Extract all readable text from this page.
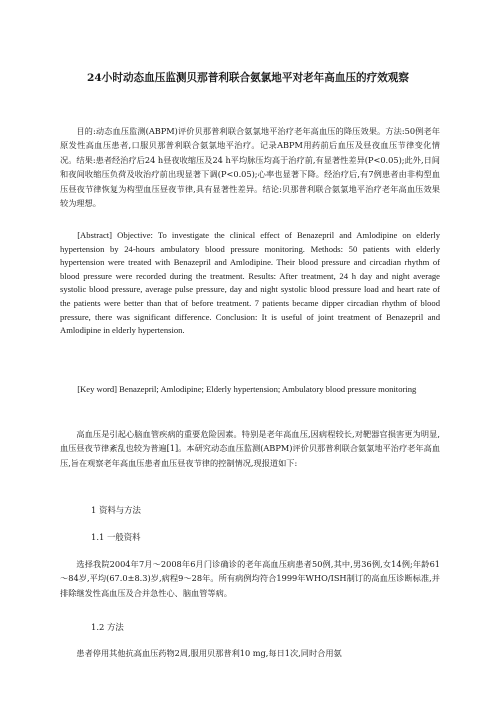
24小时动态血压监测贝那普利联合氨氯地平对老年高血压的疗效观察

目的:动态血压监测(ABPM)评价贝那普利联合氨氯地平治疗老年高血压的降压效果。方法:50例老年原发性高血压患者,口服贝那普利联合氨氯地平治疗。记录ABPM用药前后血压及昼夜血压节律变化情况。结果:患者经治疗后24 h昼夜收缩压及24 h平均脉压均高于治疗前,有显著性差异(P<0.05);此外,日间和夜间收缩压负荷及收治疗前出现显著下调(P<0.05);心率也显著下降。经治疗后,有7例患者由非构型血压昼夜节律恢复为构型血压昼夜节律,具有显著性差异。结论:贝那普利联合氨氯地平治疗老年高血压效果较为理想。

[Abstract] Objective: To investigate the clinical effect of Benazepril and Amlodipine on elderly hypertension by 24-hours ambulatory blood pressure monitoring. Methods: 50 patients with elderly hypertension were treated with Benazepril and Amlodipine. Their blood pressure and circadian rhythm of blood pressure were recorded during the treatment. Results: After treatment, 24 h day and night average systolic blood pressure, average pulse pressure, day and night systolic blood pressure load and heart rate of the patients were better than that of before treatment. 7 patients became dipper circadian rhythm of blood pressure, there was significant difference. Conclusion: It is useful of joint treatment of Benazepril and Amlodipine in elderly hypertension.

[Key word] Benazepril; Amlodipine; Elderly hypertension; Ambulatory blood pressure monitoring

高血压是引起心脑血管疾病的重要危险因素。特别是老年高血压,因病程较长,对靶器官损害更为明显,血压昼夜节律紊乱也较为普遍[1]。本研究动态血压监测(ABPM)评价贝那普利联合氨氯地平治疗老年高血压,旨在观察老年高血压患者血压昼夜节律的控制情况,现报道如下:

1 资料与方法

1.1 一般资料

选择我院2004年7月～2008年6月门诊确诊的老年高血压病患者50例,其中,男36例,女14例;年龄61～84岁,平均(67.0±8.3)岁,病程9～28年。所有病例均符合1999年WHO/ISH制订的高血压诊断标准,并排除继发性高血压及合并急性心、脑血管等病。

1.2 方法

患者停用其他抗高血压药物2周,服用贝那普利10 mg,每日1次,同时合用氨
